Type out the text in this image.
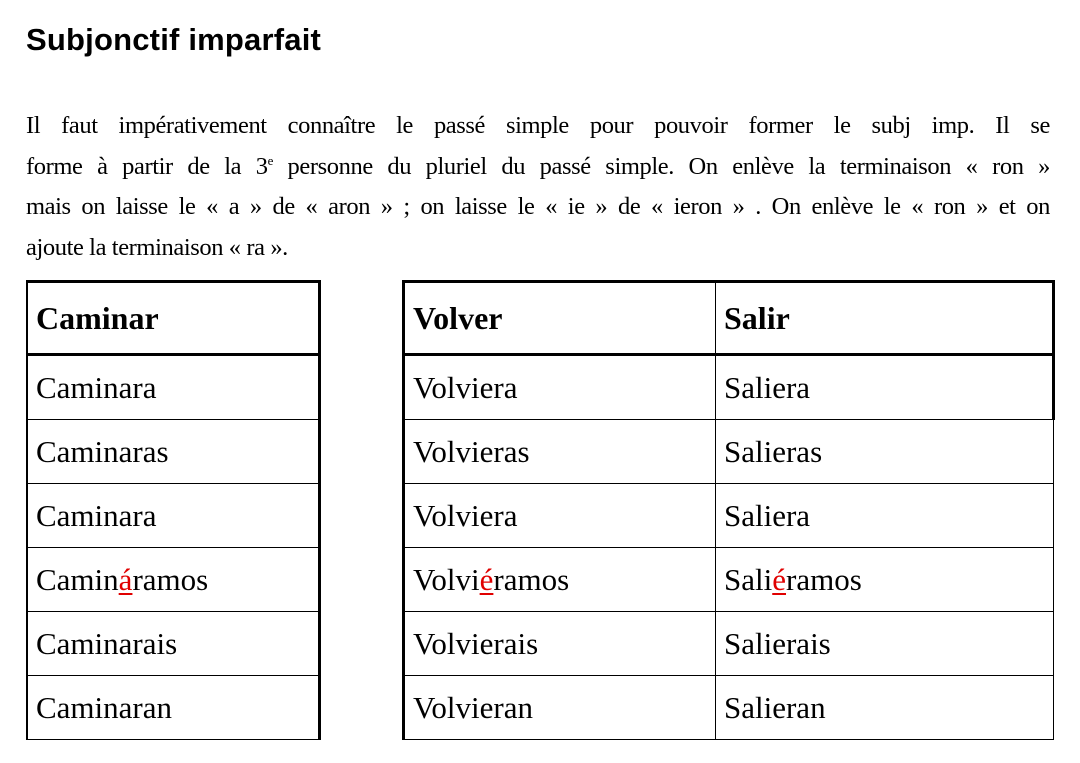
Subjonctif imparfait
Il faut impérativement connaître le passé simple pour pouvoir former le subj imp. Il se
forme à partir de la 3e personne du pluriel du passé simple. On enlève la terminaison « ron »
mais on laisse le « a » de « aron » ; on laisse le « ie » de « ieron » . On enlève le « ron » et on
ajoute la terminaison « ra ».
Caminar
Caminara
Caminaras
Caminara
Camináramos
Caminarais
Caminaran
Volver	Salir
Volviera	Saliera
Volvieras	Salieras
Volviera	Saliera
Volviéramos	Saliéramos
Volvierais	Salierais
Volvieran	Salieran
